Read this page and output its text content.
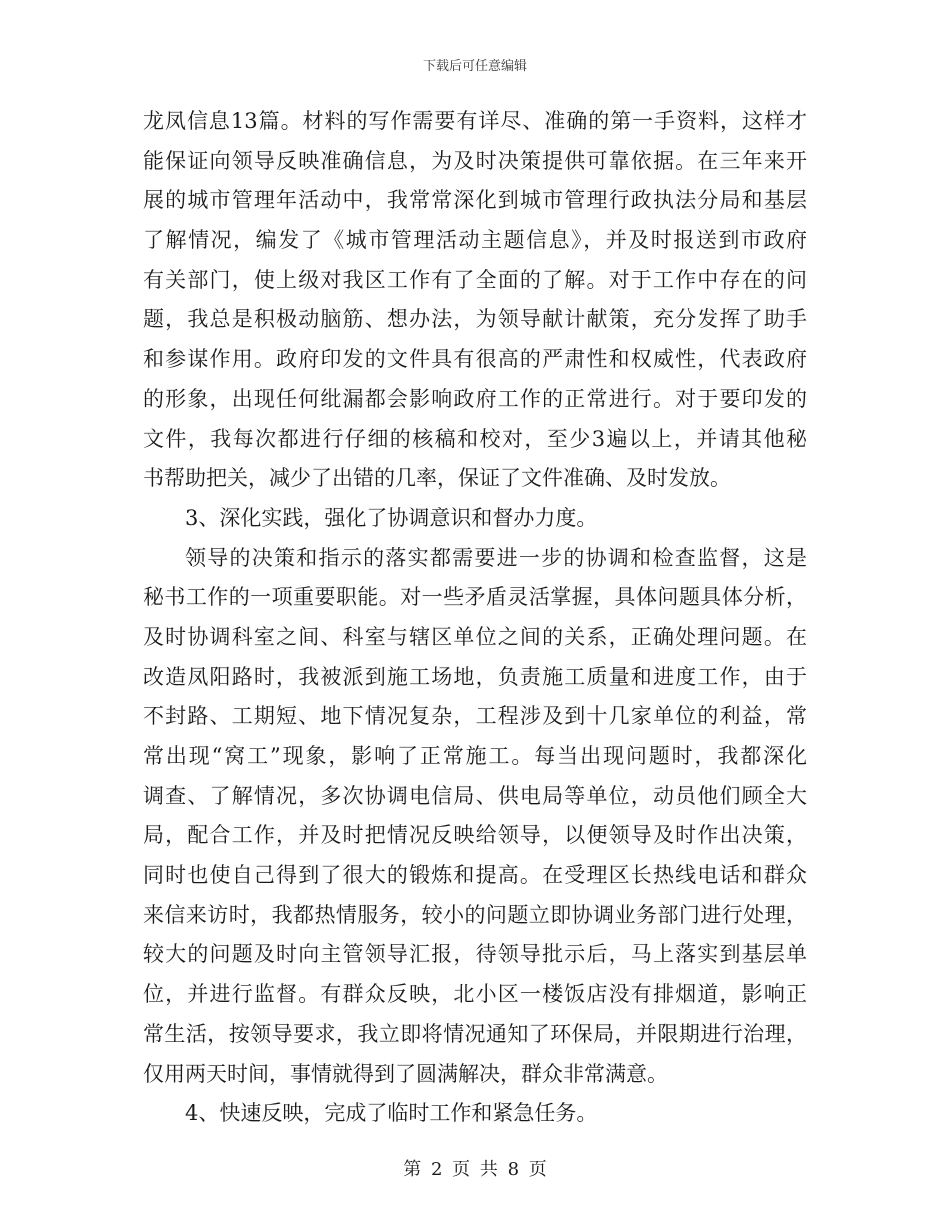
下载后可任意编辑
龙凤信息13篇。材料的写作需要有详尽、准确的第一手资料，这样才
能保证向领导反映准确信息，为及时决策提供可靠依据。在三年来开
展的城市管理年活动中，我常常深化到城市管理行政执法分局和基层
了解情况，编发了《城市管理活动主题信息》，并及时报送到市政府
有关部门，使上级对我区工作有了全面的了解。对于工作中存在的问
题，我总是积极动脑筋、想办法，为领导献计献策，充分发挥了助手
和参谋作用。政府印发的文件具有很高的严肃性和权威性，代表政府
的形象，出现任何纰漏都会影响政府工作的正常进行。对于要印发的
文件，我每次都进行仔细的核稿和校对，至少3遍以上，并请其他秘
书帮助把关，减少了出错的几率，保证了文件准确、及时发放。
3、深化实践，强化了协调意识和督办力度。
领导的决策和指示的落实都需要进一步的协调和检查监督，这是
秘书工作的一项重要职能。对一些矛盾灵活掌握，具体问题具体分析，
及时协调科室之间、科室与辖区单位之间的关系，正确处理问题。在
改造凤阳路时，我被派到施工场地，负责施工质量和进度工作，由于
不封路、工期短、地下情况复杂，工程涉及到十几家单位的利益，常
常出现“窝工”现象，影响了正常施工。每当出现问题时，我都深化
调查、了解情况，多次协调电信局、供电局等单位，动员他们顾全大
局，配合工作，并及时把情况反映给领导，以便领导及时作出决策，
同时也使自己得到了很大的锻炼和提高。在受理区长热线电话和群众
来信来访时，我都热情服务，较小的问题立即协调业务部门进行处理，
较大的问题及时向主管领导汇报，待领导批示后，马上落实到基层单
位，并进行监督。有群众反映，北小区一楼饭店没有排烟道，影响正
常生活，按领导要求，我立即将情况通知了环保局，并限期进行治理，
仅用两天时间，事情就得到了圆满解决，群众非常满意。
4、快速反映，完成了临时工作和紧急任务。
第 2 页 共 8 页
